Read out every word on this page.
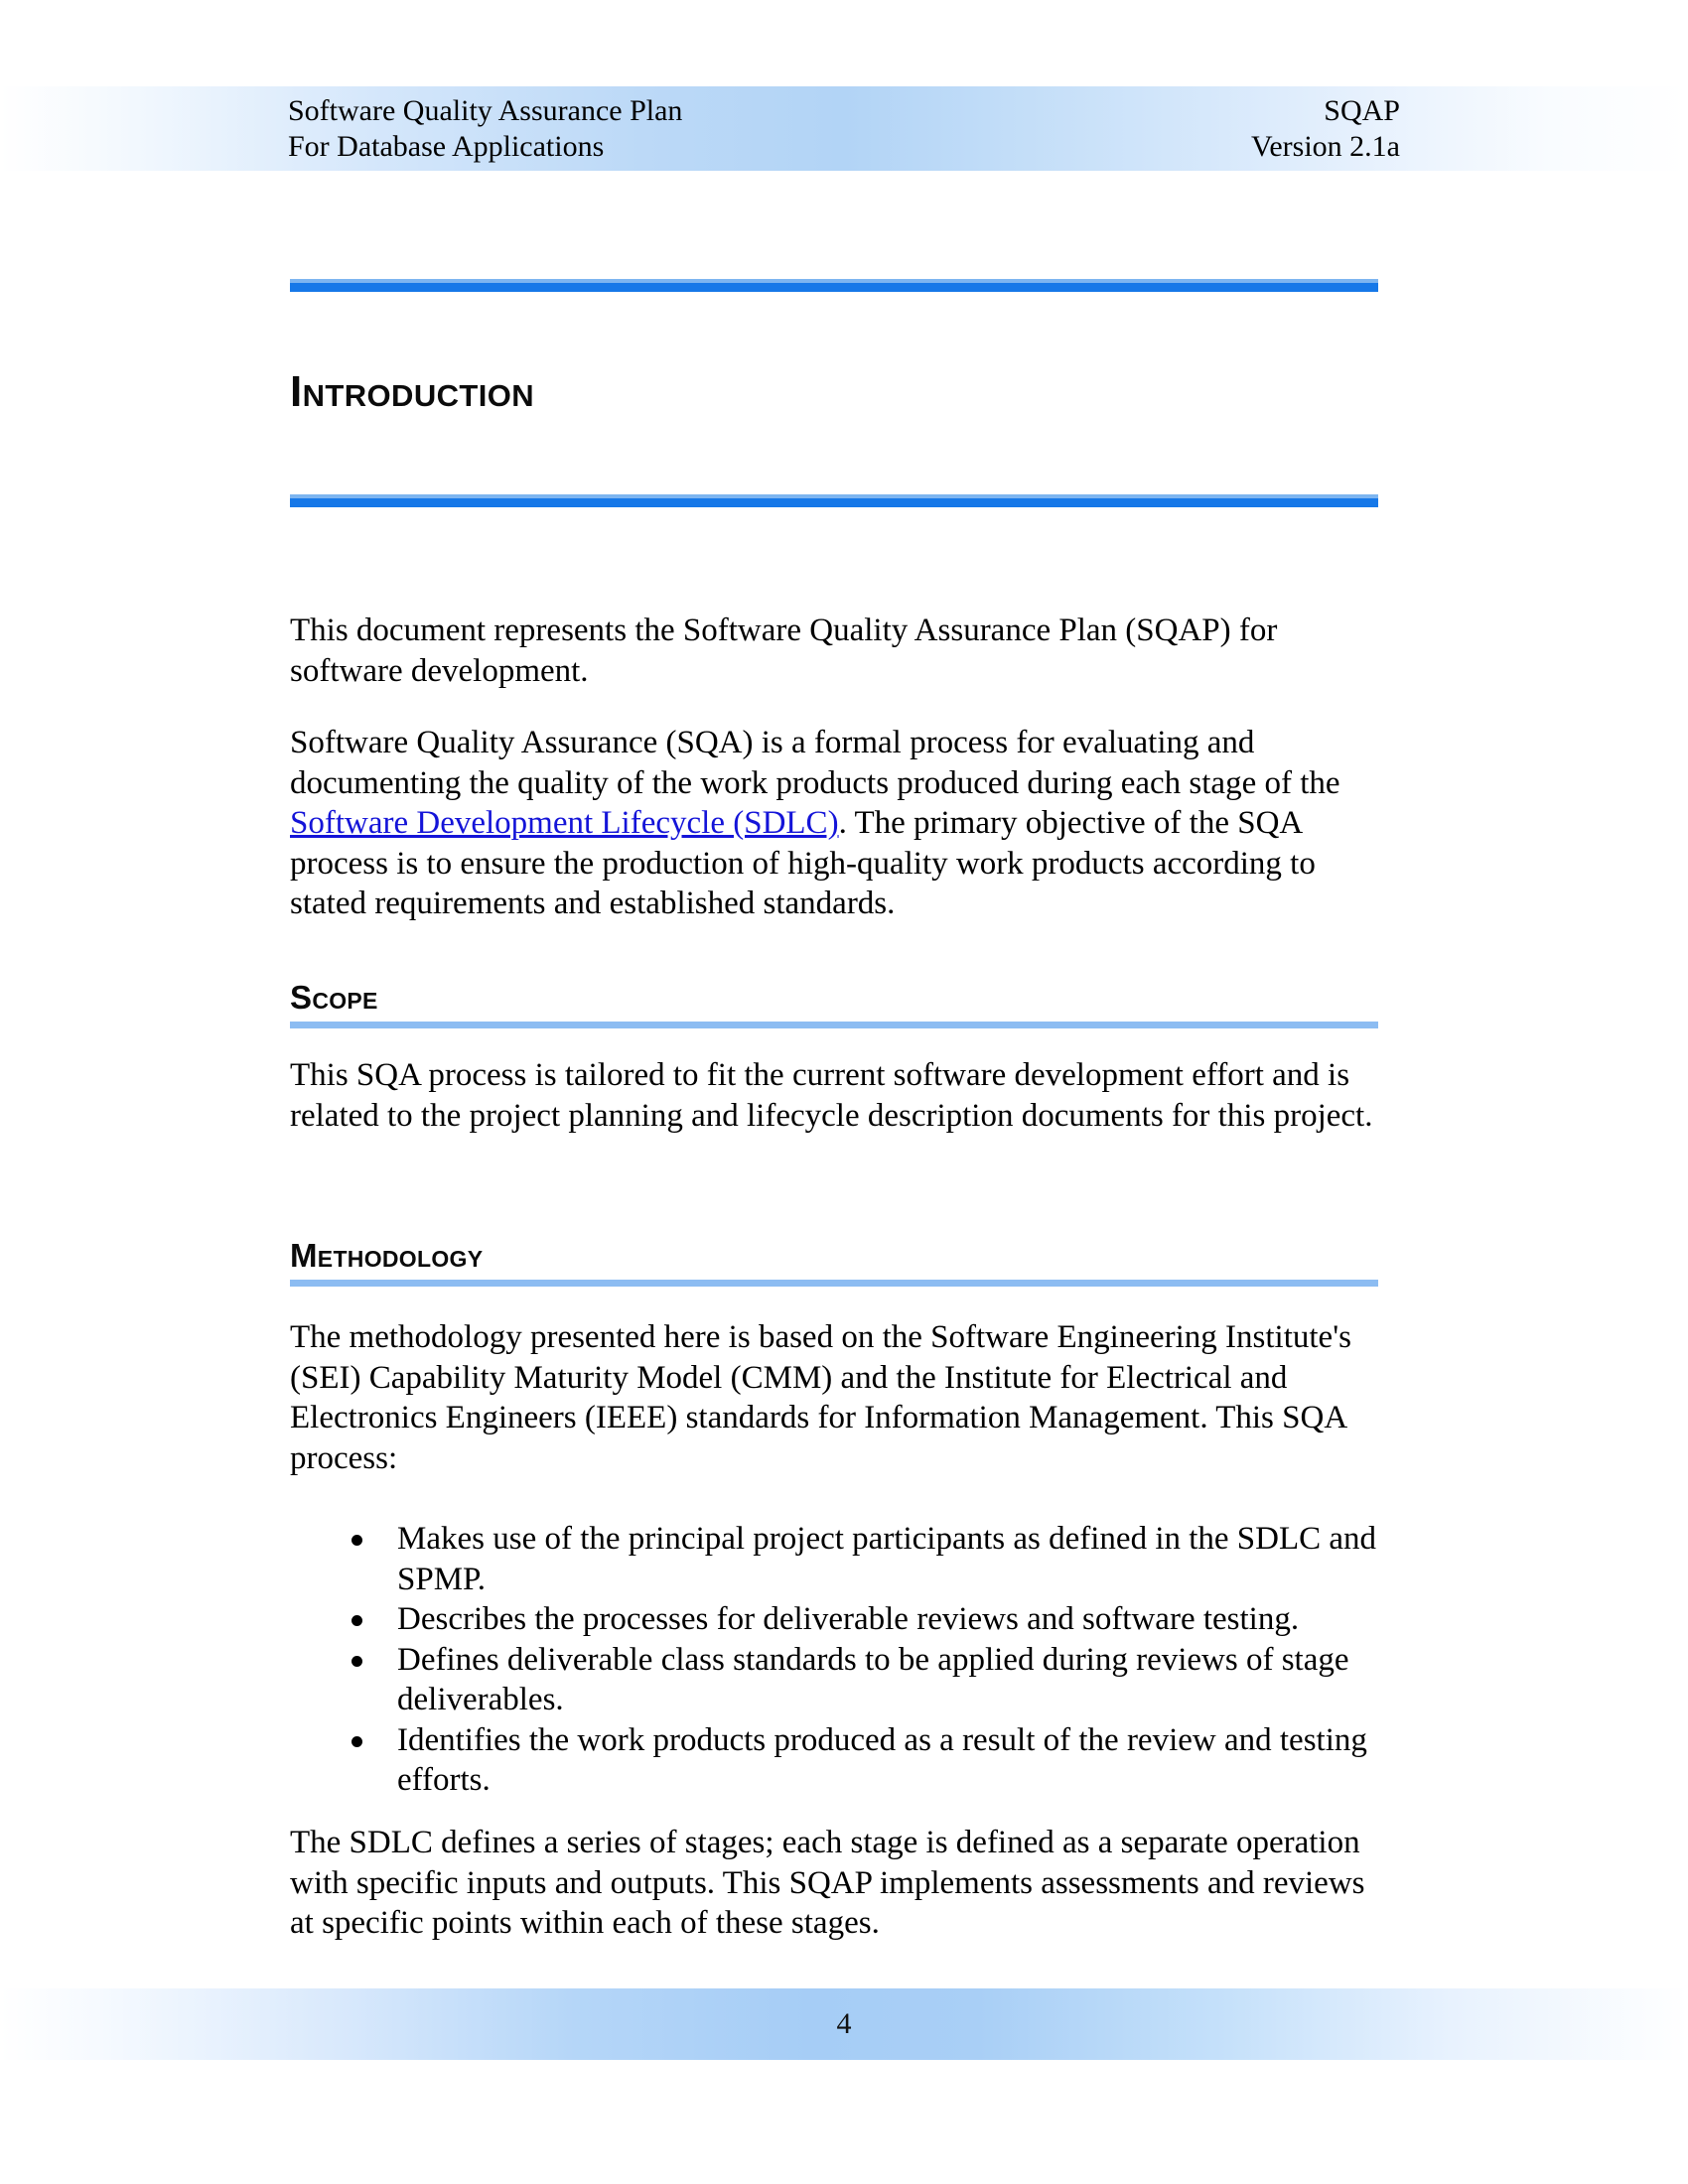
Software Quality Assurance Plan
For Database Applications
SQAP
Version 2.1a
Introduction

This document represents the Software Quality Assurance Plan (SQAP) for software development.

Software Quality Assurance (SQA) is a formal process for evaluating and documenting the quality of the work products produced during each stage of the Software Development Lifecycle (SDLC). The primary objective of the SQA process is to ensure the production of high-quality work products according to stated requirements and established standards.

Scope

This SQA process is tailored to fit the current software development effort and is related to the project planning and lifecycle description documents for this project.

Methodology

The methodology presented here is based on the Software Engineering Institute's (SEI) Capability Maturity Model (CMM) and the Institute for Electrical and Electronics Engineers (IEEE) standards for Information Management. This SQA process:

Makes use of the principal project participants as defined in the SDLC and SPMP.
Describes the processes for deliverable reviews and software testing.
Defines deliverable class standards to be applied during reviews of stage deliverables.
Identifies the work products produced as a result of the review and testing efforts.

The SDLC defines a series of stages; each stage is defined as a separate operation with specific inputs and outputs. This SQAP implements assessments and reviews at specific points within each of these stages.

4
